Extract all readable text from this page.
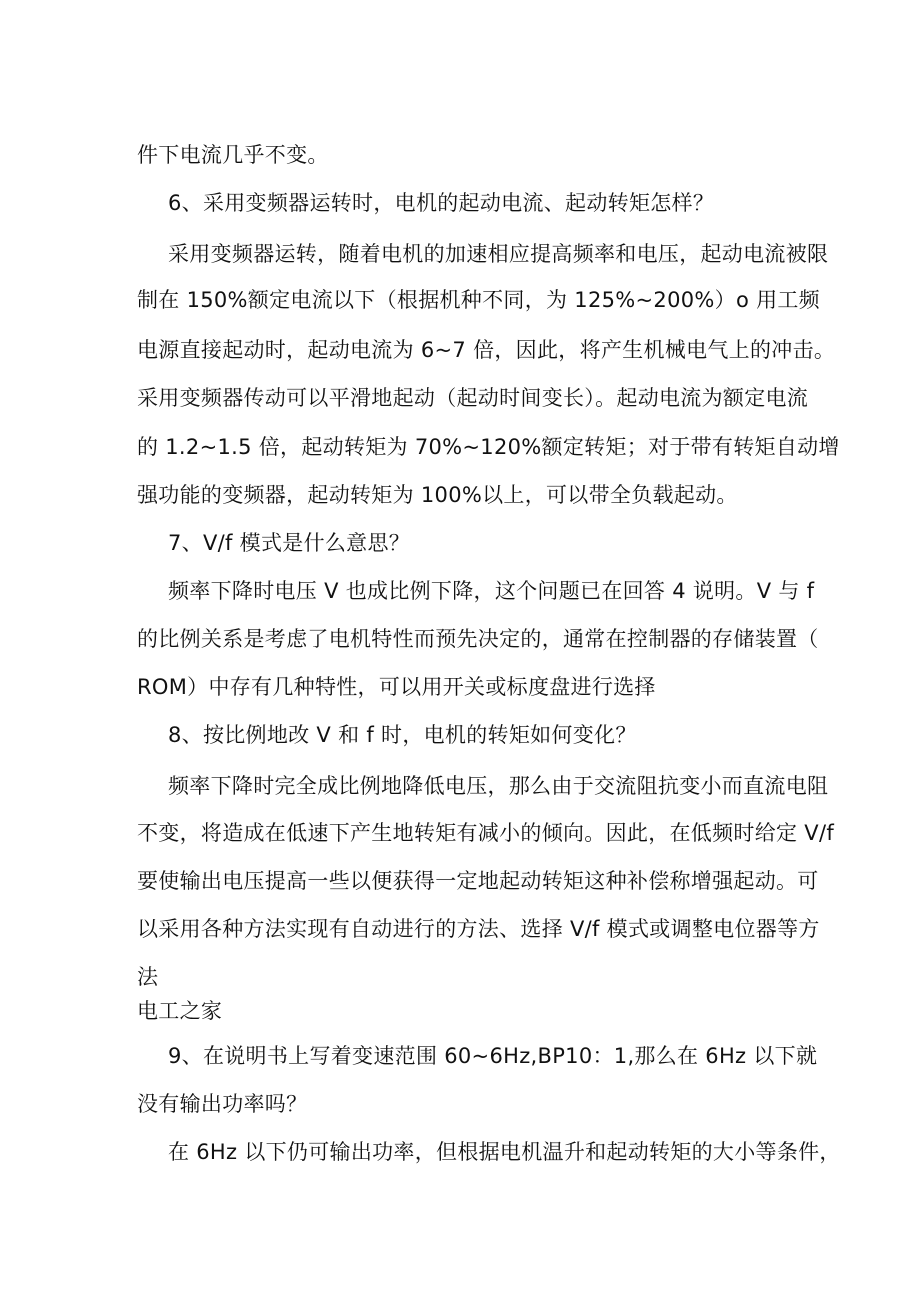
件下电流几乎不变。

6、采用变频器运转时，电机的起动电流、起动转矩怎样？

采用变频器运转，随着电机的加速相应提高频率和电压，起动电流被限

制在 150%额定电流以下（根据机种不同，为 125%~200%）o 用工频

电源直接起动时，起动电流为 6~7 倍，因此，将产生机械电气上的冲击。

采用变频器传动可以平滑地起动（起动时间变长）。起动电流为额定电流

的 1.2~1.5 倍，起动转矩为 70%~120%额定转矩；对于带有转矩自动增

强功能的变频器，起动转矩为 100%以上，可以带全负载起动。

7、V/f 模式是什么意思？

频率下降时电压 V 也成比例下降，这个问题已在回答 4 说明。V 与 f

的比例关系是考虑了电机特性而预先决定的，通常在控制器的存储装置（

ROM）中存有几种特性，可以用开关或标度盘进行选择

8、按比例地改 V 和 f 时，电机的转矩如何变化？

频率下降时完全成比例地降低电压，那么由于交流阻抗变小而直流电阻

不变，将造成在低速下产生地转矩有减小的倾向。因此，在低频时给定 V/f

要使输出电压提高一些以便获得一定地起动转矩这种补偿称增强起动。可

以采用各种方法实现有自动进行的方法、选择 V/f 模式或调整电位器等方

法

电工之家

9、在说明书上写着变速范围 60~6Hz,BP10：1,那么在 6Hz 以下就

没有输出功率吗？

在 6Hz 以下仍可输出功率，但根据电机温升和起动转矩的大小等条件，
